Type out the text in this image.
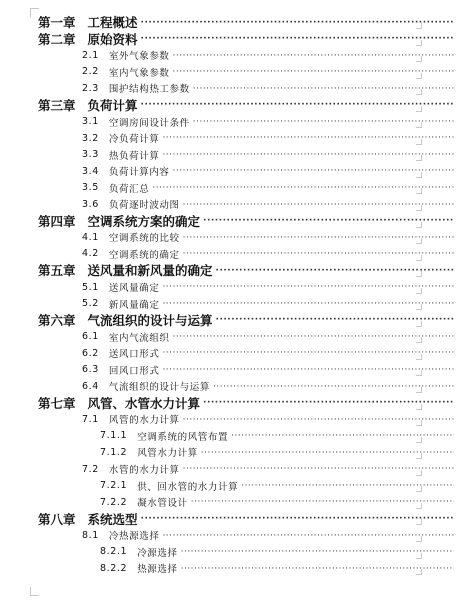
第一章 工程概述
·····
第二章 原始资料
·····
2.1 室外气象参数
·····
2.2 室内气象参数
·····
2.3 围护结构热工参数
·····
第三章 负荷计算
·····
3.1 空调房间设计条件
·····
3.2 冷负荷计算
·····
3.3 热负荷计算
·····
3.4 负荷计算内容
·····
3.5 负荷汇总
·····
3.6 负荷逐时波动图
·····
第四章 空调系统方案的确定
·····
4.1 空调系统的比较
·····
4.2 空调系统的确定
·····
第五章 送风量和新风量的确定
·····
5.1 送风量确定
·····
5.2 新风量确定
·····
第六章 气流组织的设计与运算
·····
6.1 室内气流组织
·····
6.2 送风口形式
·····
6.3 回风口形式
·····
6.4 气流组织的设计与运算
·····
第七章 风管、水管水力计算
·····
7.1 风管的水力计算
·····
7.1.1 空调系统的风管布置
·····
7.1.2 风管水力计算
·····
7.2 水管的水力计算
·····
7.2.1 供、回水管的水力计算
·····
7.2.2 凝水管设计
·····
第八章 系统选型
·····
8.1 冷热源选择
·····
8.2.1 冷源选择
·····
8.2.2 热源选择
·····
